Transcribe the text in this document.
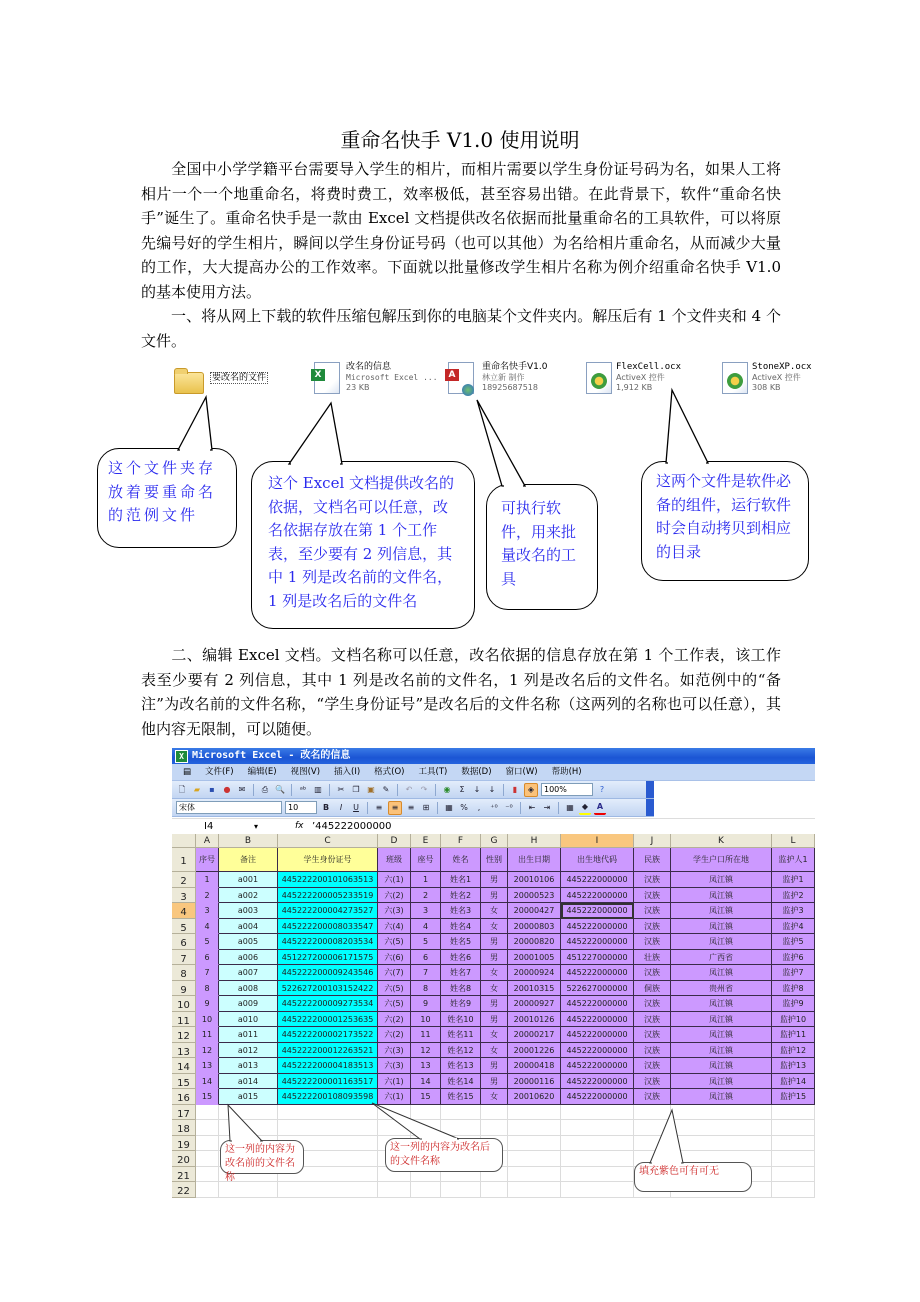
重命名快手 V1.0 使用说明
全国中小学学籍平台需要导入学生的相片，而相片需要以学生身份证号码为名，如果人工将相片一个一个地重命名，将费时费工，效率极低，甚至容易出错。在此背景下，软件“重命名快手”诞生了。重命名快手是一款由 Excel 文档提供改名依据而批量重命名的工具软件，可以将原先编号好的学生相片，瞬间以学生身份证号码（也可以其他）为名给相片重命名，从而减少大量的工作，大大提高办公的工作效率。下面就以批量修改学生相片名称为例介绍重命名快手 V1.0 的基本使用方法。
一、将从网上下载的软件压缩包解压到你的电脑某个文件夹内。解压后有 1 个文件夹和 4 个文件。
要改名的文件	X
改名的信息
Microsoft Excel ...
23 KB
A
重命名快手V1.0
林立新 制作
18925687518
FlexCell.ocx
ActiveX 控件
1,912 KB
StoneXP.ocx
ActiveX 控件
308 KB
这个文件夹存放着要重命名的范例文件
这个 Excel 文档提供改名的依据，文档名可以任意，改名依据存放在第 1 个工作表，至少要有 2 列信息，其中 1 列是改名前的文件名，1 列是改名后的文件名
可执行软件，用来批量改名的工具
这两个文件是软件必备的组件，运行软件时会自动拷贝到相应的目录
二、编辑 Excel 文档。文档名称可以任意，改名依据的信息存放在第 1 个工作表，该工作表至少要有 2 列信息，其中 1 列是改名前的文件名，1 列是改名后的文件名。如范例中的“备注”为改名前的文件名称，“学生身份证号”是改名后的文件名称（这两列的名称也可以任意），其他内容无限制，可以随便。
X Microsoft Excel - 改名的信息
▤	文件(F)	编辑(E)	视图(V)	插入(I)	格式(O)	工具(T)	数据(D)	窗口(W)	帮助(H)
🗋	▰	▪	●	✉	⎙ 🔍	ᵃᵇ ▥	✂	❐ ▣ ✎	↶	↷	◉	Σ	↓	↓	▮	◈	100%	?
宋体	10	B	I	U	≡	≡	≡	⊞	▦ %	,	⁺⁰ ⁻⁰	⇤	⇥	▦	◆	A
I4	▾	fx ’445222000000
A	B	C	D	E	F	G	H	I	J	K	L
1
2
3
4
5
6
7
8
9
10
11
12
13
14
15
16
17
18
19
20
21
22
序号	备注	学生身份证号	班级	座号	姓名	性别	出生日期	出生地代码	民族	学生户口所在地	监护人1
1	a001	445222200101063513	六(1)	1	姓名1	男	20010106	445222000000	汉族	凤江镇	监护1
2	a002	445222200005233519	六(2)	2	姓名2	男	20000523	445222000000	汉族	凤江镇	监护2
3	a003	445222200004273527	六(3)	3	姓名3	女	20000427	445222000000	汉族	凤江镇	监护3
4	a004	445222200008033547	六(4)	4	姓名4	女	20000803	445222000000	汉族	凤江镇	监护4
5	a005	445222200008203534	六(5)	5	姓名5	男	20000820	445222000000	汉族	凤江镇	监护5
6	a006	451227200006171575	六(6)	6	姓名6	男	20001005	451227000000	壮族	广西省	监护6
7	a007	445222200009243546	六(7)	7	姓名7	女	20000924	445222000000	汉族	凤江镇	监护7
8	a008	522627200103152422	六(5)	8	姓名8	女	20010315	522627000000	侗族	贵州省	监护8
9	a009	445222200009273534	六(5)	9	姓名9	男	20000927	445222000000	汉族	凤江镇	监护9
10	a010	445222200001253635	六(2)	10	姓名10	男	20010126	445222000000	汉族	凤江镇	监护10
11	a011	445222200002173522	六(2)	11	姓名11	女	20000217	445222000000	汉族	凤江镇	监护11
12	a012	445222200012263521	六(3)	12	姓名12	女	20001226	445222000000	汉族	凤江镇	监护12
13	a013	445222200004183513	六(3)	13	姓名13	男	20000418	445222000000	汉族	凤江镇	监护13
14	a014	445222200001163517	六(1)	14	姓名14	男	20000116	445222000000	汉族	凤江镇	监护14
15	a015	445222200108093598	六(1)	15	姓名15	女	20010620	445222000000	汉族	凤江镇	监护15
这一列的内容为改名前的文件名称
这一列的内容为改名后的文件名称
填充紫色可有可无
